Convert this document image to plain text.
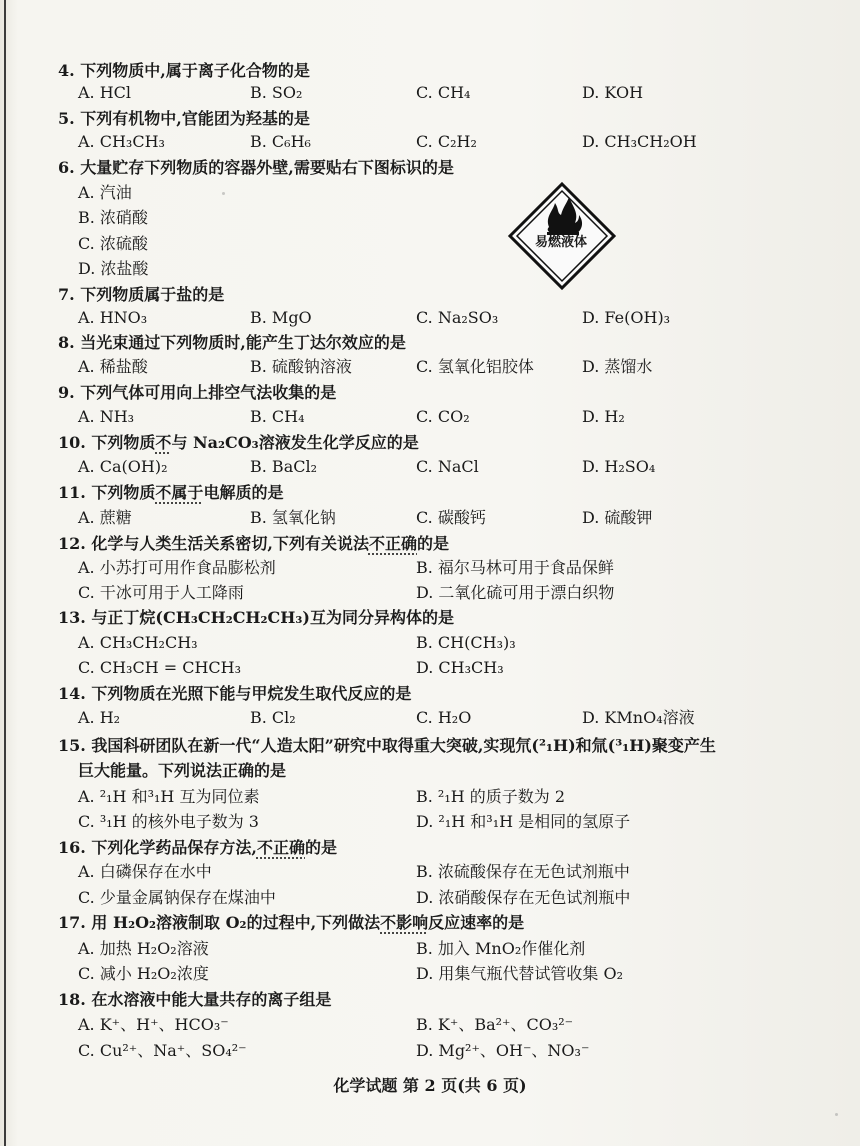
4. 下列物质中,属于离子化合物的是
A. HCl	B. SO₂	C. CH₄	D. KOH
5. 下列有机物中,官能团为羟基的是
A. CH₃CH₃	B. C₆H₆	C. C₂H₂	D. CH₃CH₂OH
6. 大量贮存下列物质的容器外壁,需要贴右下图标识的是
A. 汽油
B. 浓硝酸
C. 浓硫酸
D. 浓盐酸
易燃液体
7. 下列物质属于盐的是
A. HNO₃	B. MgO	C. Na₂SO₃	D. Fe(OH)₃
8. 当光束通过下列物质时,能产生丁达尔效应的是
A. 稀盐酸	B. 硫酸钠溶液	C. 氢氧化铝胶体	D. 蒸馏水
9. 下列气体可用向上排空气法收集的是
A. NH₃	B. CH₄	C. CO₂	D. H₂
10. 下列物质不与 Na₂CO₃溶液发生化学反应的是
A. Ca(OH)₂	B. BaCl₂	C. NaCl	D. H₂SO₄
11. 下列物质不属于电解质的是
A. 蔗糖	B. 氢氧化钠	C. 碳酸钙	D. 硫酸钾
12. 化学与人类生活关系密切,下列有关说法不正确的是
A. 小苏打可用作食品膨松剂	B. 福尔马林可用于食品保鲜
C. 干冰可用于人工降雨	D. 二氧化硫可用于漂白织物
13. 与正丁烷(CH₃CH₂CH₂CH₃)互为同分异构体的是
A. CH₃CH₂CH₃	B. CH(CH₃)₃
C. CH₃CH = CHCH₃	D. CH₃CH₃
14. 下列物质在光照下能与甲烷发生取代反应的是
A. H₂	B. Cl₂	C. H₂O	D. KMnO₄溶液
15. 我国科研团队在新一代“人造太阳”研究中取得重大突破,实现氘(²₁H)和氚(³₁H)聚变产生
巨大能量。下列说法正确的是
A. ²₁H 和³₁H 互为同位素	B. ²₁H 的质子数为 2
C. ³₁H 的核外电子数为 3	D. ²₁H 和³₁H 是相同的氢原子
16. 下列化学药品保存方法,不正确的是
A. 白磷保存在水中	B. 浓硫酸保存在无色试剂瓶中
C. 少量金属钠保存在煤油中	D. 浓硝酸保存在无色试剂瓶中
17. 用 H₂O₂溶液制取 O₂的过程中,下列做法不影响反应速率的是
A. 加热 H₂O₂溶液	B. 加入 MnO₂作催化剂
C. 减小 H₂O₂浓度	D. 用集气瓶代替试管收集 O₂
18. 在水溶液中能大量共存的离子组是
A. K⁺、H⁺、HCO₃⁻	B. K⁺、Ba²⁺、CO₃²⁻
C. Cu²⁺、Na⁺、SO₄²⁻	D. Mg²⁺、OH⁻、NO₃⁻
化学试题 第 2 页(共 6 页)
